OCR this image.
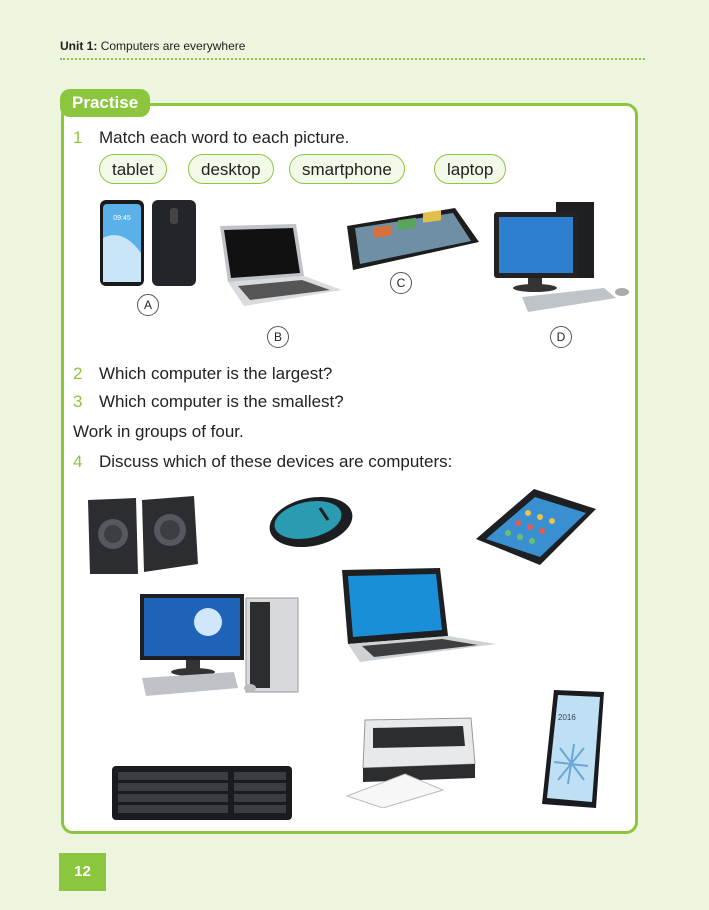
Unit 1: Computers are everywhere
Practise
1 Match each word to each picture.
tablet	desktop	smartphone	laptop
09:45
A
B
C
D
2 Which computer is the largest?
3 Which computer is the smallest?
Work in groups of four.
4 Discuss which of these devices are computers:
2016
12
